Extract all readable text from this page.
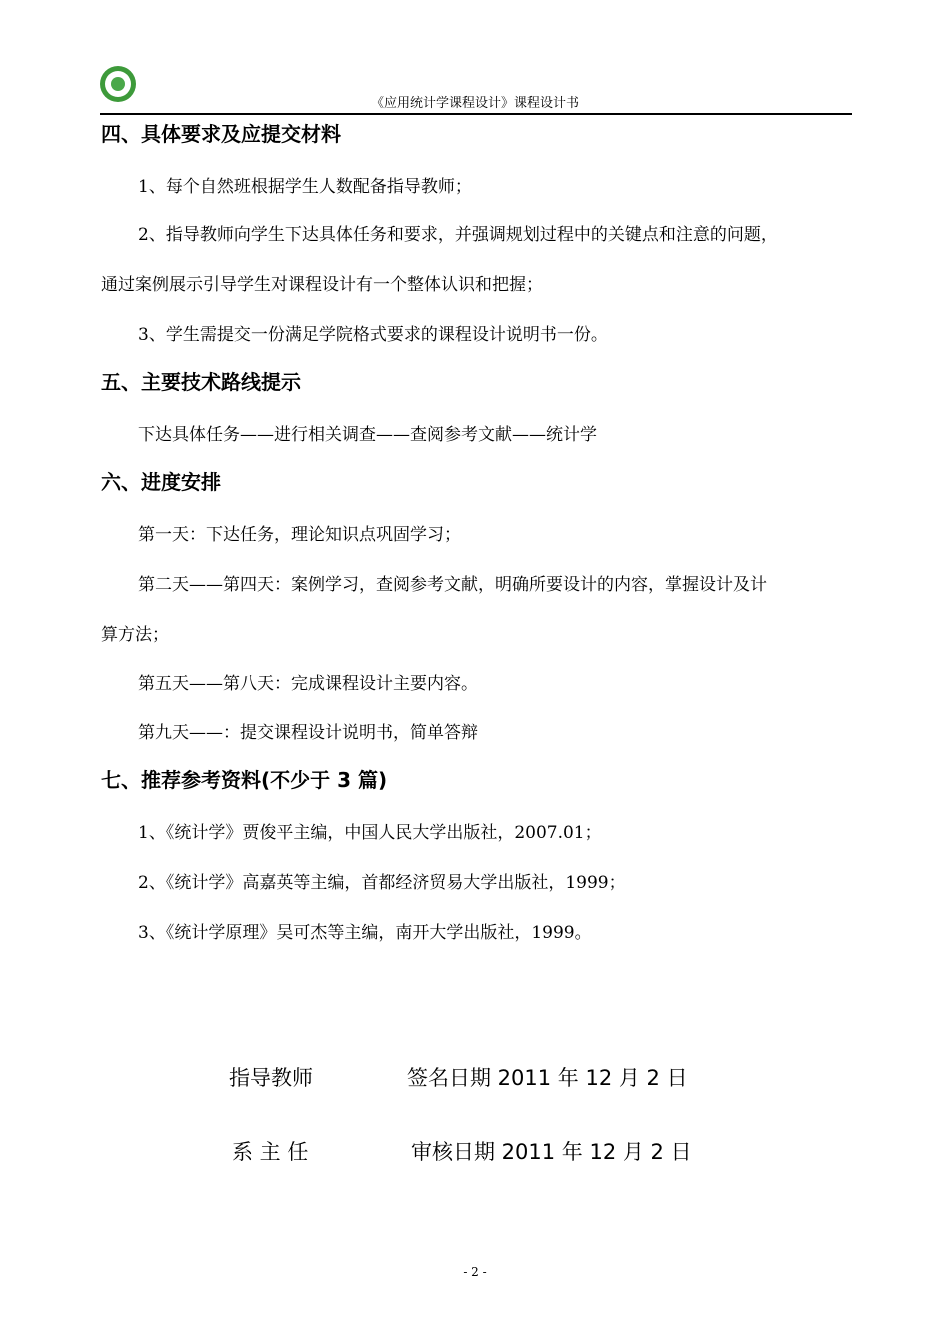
《应用统计学课程设计》课程设计书
四、具体要求及应提交材料
1、每个自然班根据学生人数配备指导教师；
2、指导教师向学生下达具体任务和要求，并强调规划过程中的关键点和注意的问题，
通过案例展示引导学生对课程设计有一个整体认识和把握；
3、学生需提交一份满足学院格式要求的课程设计说明书一份。
五、主要技术路线提示
下达具体任务——进行相关调查——查阅参考文献——统计学
六、进度安排
第一天：下达任务，理论知识点巩固学习；
第二天——第四天：案例学习，查阅参考文献，明确所要设计的内容，掌握设计及计
算方法；
第五天——第八天：完成课程设计主要内容。
第九天——：提交课程设计说明书，简单答辩
七、推荐参考资料(不少于 3 篇)
1、《统计学》贾俊平主编，中国人民大学出版社，2007.01；
2、《统计学》高嘉英等主编，首都经济贸易大学出版社，1999；
3、《统计学原理》吴可杰等主编，南开大学出版社，1999。
指导教师	签名日期 2011 年 12 月 2 日
系 主 任	审核日期 2011 年 12 月 2 日
- 2 -
